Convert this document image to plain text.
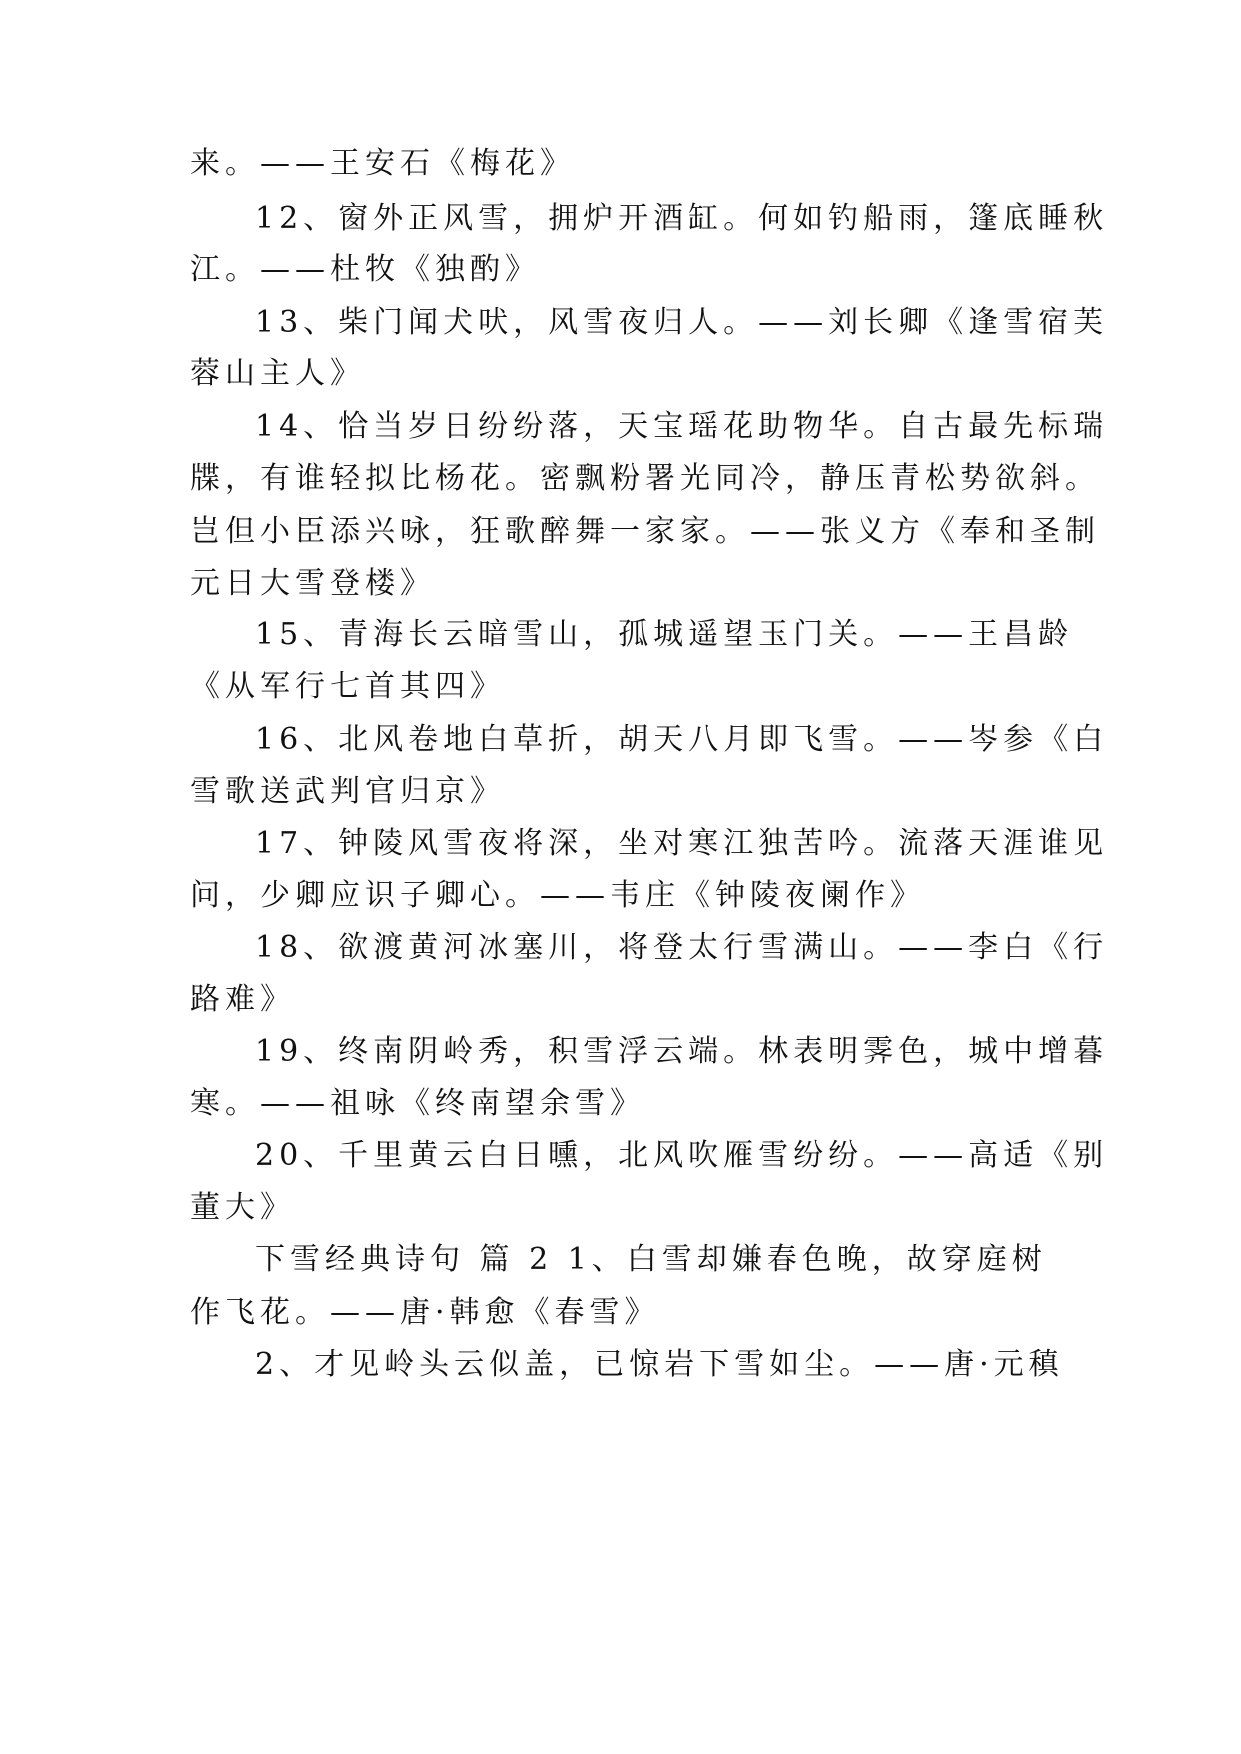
来。——王安石《梅花》
12、窗外正风雪，拥炉开酒缸。何如钓船雨，篷底睡秋
江。——杜牧《独酌》
13、柴门闻犬吠，风雪夜归人。——刘长卿《逢雪宿芙
蓉山主人》
14、恰当岁日纷纷落，天宝瑶花助物华。自古最先标瑞
牒，有谁轻拟比杨花。密飘粉署光同冷，静压青松势欲斜。
岂但小臣添兴咏，狂歌醉舞一家家。——张义方《奉和圣制
元日大雪登楼》
15、青海长云暗雪山，孤城遥望玉门关。——王昌龄
《从军行七首其四》
16、北风卷地白草折，胡天八月即飞雪。——岑参《白
雪歌送武判官归京》
17、钟陵风雪夜将深，坐对寒江独苦吟。流落天涯谁见
问，少卿应识子卿心。——韦庄《钟陵夜阑作》
18、欲渡黄河冰塞川，将登太行雪满山。——李白《行
路难》
19、终南阴岭秀，积雪浮云端。林表明霁色，城中增暮
寒。——祖咏《终南望余雪》
20、千里黄云白日曛，北风吹雁雪纷纷。——高适《别
董大》
下雪经典诗句 篇 2 1、白雪却嫌春色晚，故穿庭树
作飞花。——唐·韩愈《春雪》
2、才见岭头云似盖，已惊岩下雪如尘。——唐·元稹
